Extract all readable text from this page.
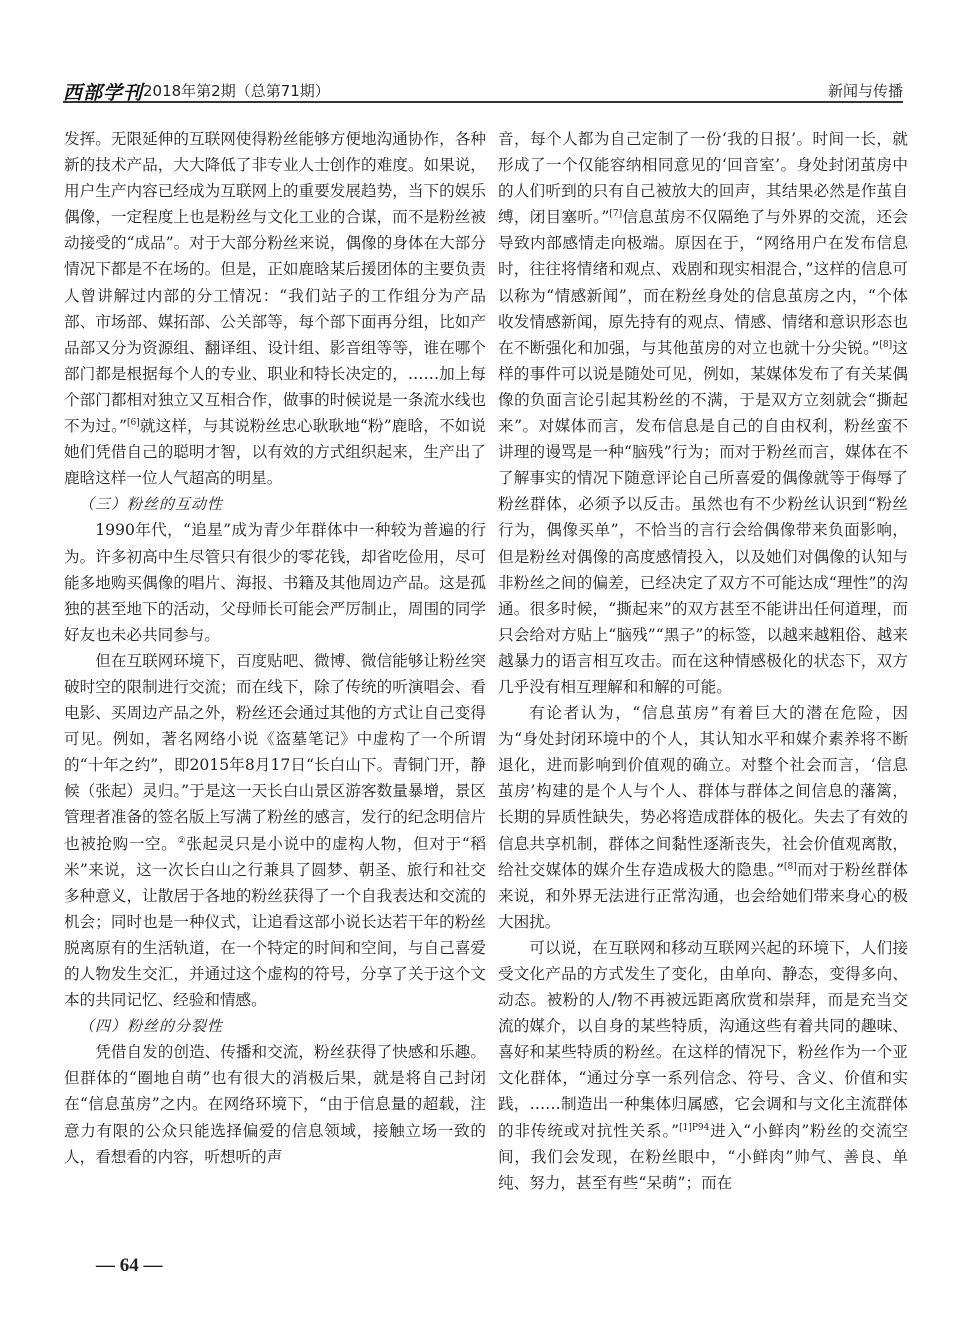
西部学刊 2018年第2期（总第71期）	新闻与传播

发挥。无限延伸的互联网使得粉丝能够方便地沟通协作，各种新的技术产品，大大降低了非专业人士创作的难度。如果说，用户生产内容已经成为互联网上的重要发展趋势，当下的娱乐偶像，一定程度上也是粉丝与文化工业的合谋，而不是粉丝被动接受的“成品”。对于大部分粉丝来说，偶像的身体在大部分情况下都是不在场的。但是，正如鹿晗某后援团体的主要负责人曾讲解过内部的分工情况：“我们站子的工作组分为产品部、市场部、媒拓部、公关部等，每个部下面再分组，比如产品部又分为资源组、翻译组、设计组、影音组等等，谁在哪个部门都是根据每个人的专业、职业和特长决定的，……加上每个部门都相对独立又互相合作，做事的时候说是一条流水线也不为过。”[6]就这样，与其说粉丝忠心耿耿地“粉”鹿晗，不如说她们凭借自己的聪明才智，以有效的方式组织起来，生产出了鹿晗这样一位人气超高的明星。

（三）粉丝的互动性

1990年代，“追星”成为青少年群体中一种较为普遍的行为。许多初高中生尽管只有很少的零花钱，却省吃俭用，尽可能多地购买偶像的唱片、海报、书籍及其他周边产品。这是孤独的甚至地下的活动，父母师长可能会严厉制止，周围的同学好友也未必共同参与。

但在互联网环境下，百度贴吧、微博、微信能够让粉丝突破时空的限制进行交流；而在线下，除了传统的听演唱会、看电影、买周边产品之外，粉丝还会通过其他的方式让自己变得可见。例如，著名网络小说《盗墓笔记》中虚构了一个所谓的“十年之约”，即2015年8月17日“长白山下。青铜门开，静候（张起）灵归。”于是这一天长白山景区游客数量暴增，景区管理者准备的签名版上写满了粉丝的感言，发行的纪念明信片也被抢购一空。②张起灵只是小说中的虚构人物，但对于“稻米”来说，这一次长白山之行兼具了圆梦、朝圣、旅行和社交多种意义，让散居于各地的粉丝获得了一个自我表达和交流的机会；同时也是一种仪式，让追看这部小说长达若干年的粉丝脱离原有的生活轨道，在一个特定的时间和空间，与自己喜爱的人物发生交汇，并通过这个虚构的符号，分享了关于这个文本的共同记忆、经验和情感。

（四）粉丝的分裂性

凭借自发的创造、传播和交流，粉丝获得了快感和乐趣。但群体的“圈地自萌”也有很大的消极后果，就是将自己封闭在“信息茧房”之内。在网络环境下，“由于信息量的超载，注意力有限的公众只能选择偏爱的信息领域，接触立场一致的人，看想看的内容，听想听的声

音，每个人都为自己定制了一份‘我的日报’。时间一长，就形成了一个仅能容纳相同意见的‘回音室’。身处封闭茧房中的人们听到的只有自己被放大的回声，其结果必然是作茧自缚，闭目塞听。”[7]信息茧房不仅隔绝了与外界的交流，还会导致内部感情走向极端。原因在于，“网络用户在发布信息时，往往将情绪和观点、戏剧和现实相混合，”这样的信息可以称为“情感新闻”，而在粉丝身处的信息茧房之内，“个体收发情感新闻，原先持有的观点、情感、情绪和意识形态也在不断强化和加强，与其他茧房的对立也就十分尖锐。”[8]这样的事件可以说是随处可见，例如，某媒体发布了有关某偶像的负面言论引起其粉丝的不满，于是双方立刻就会“撕起来”。对媒体而言，发布信息是自己的自由权利，粉丝蛮不讲理的谩骂是一种“脑残”行为；而对于粉丝而言，媒体在不了解事实的情况下随意评论自己所喜爱的偶像就等于侮辱了粉丝群体，必须予以反击。虽然也有不少粉丝认识到“粉丝行为，偶像买单”，不恰当的言行会给偶像带来负面影响，但是粉丝对偶像的高度感情投入，以及她们对偶像的认知与非粉丝之间的偏差，已经决定了双方不可能达成“理性”的沟通。很多时候，“撕起来”的双方甚至不能讲出任何道理，而只会给对方贴上“脑残”“黑子”的标签，以越来越粗俗、越来越暴力的语言相互攻击。而在这种情感极化的状态下，双方几乎没有相互理解和和解的可能。

有论者认为，“信息茧房”有着巨大的潜在危险，因为“身处封闭环境中的个人，其认知水平和媒介素养将不断退化，进而影响到价值观的确立。对整个社会而言，‘信息茧房’构建的是个人与个人、群体与群体之间信息的藩篱，长期的异质性缺失，势必将造成群体的极化。失去了有效的信息共享机制，群体之间黏性逐渐丧失，社会价值观离散，给社交媒体的媒介生存造成极大的隐患。”[8]而对于粉丝群体来说，和外界无法进行正常沟通，也会给她们带来身心的极大困扰。

可以说，在互联网和移动互联网兴起的环境下，人们接受文化产品的方式发生了变化，由单向、静态，变得多向、动态。被粉的人/物不再被远距离欣赏和崇拜，而是充当交流的媒介，以自身的某些特质，沟通这些有着共同的趣味、喜好和某些特质的粉丝。在这样的情况下，粉丝作为一个亚文化群体，“通过分享一系列信念、符号、含义、价值和实践，……制造出一种集体归属感，它会调和与文化主流群体的非传统或对抗性关系。”$^{[1]P94}$进入“小鲜肉”粉丝的交流空间，我们会发现，在粉丝眼中，“小鲜肉”帅气、善良、单纯、努力，甚至有些“呆萌”；而在

— 64 —
